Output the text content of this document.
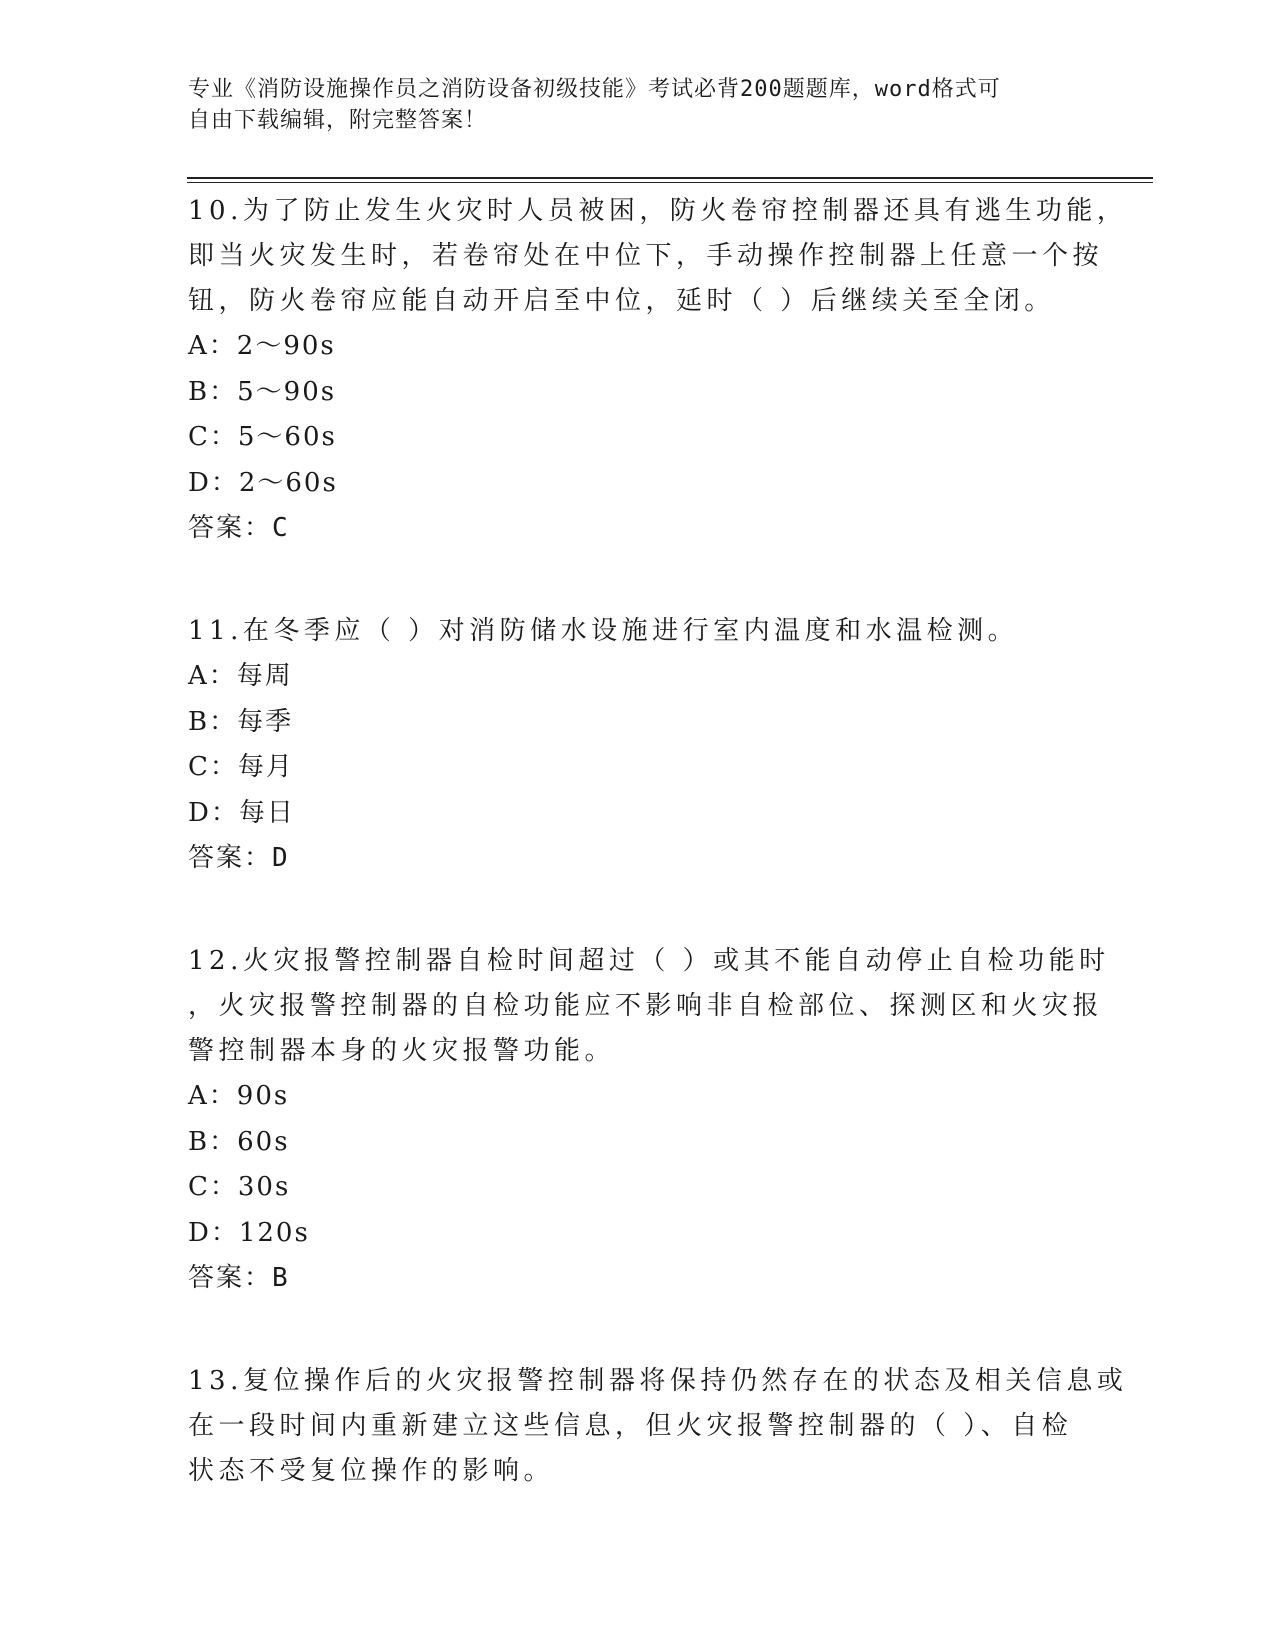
专业《消防设施操作员之消防设备初级技能》考试必背200题题库，word格式可
自由下载编辑，附完整答案！
10.为了防止发生火灾时人员被困，防火卷帘控制器还具有逃生功能，
即当火灾发生时，若卷帘处在中位下，手动操作控制器上任意一个按
钮，防火卷帘应能自动开启至中位，延时（ ）后继续关至全闭。
A：2～90s
B：5～90s
C：5～60s
D：2～60s
答案：C
11.在冬季应（ ）对消防储水设施进行室内温度和水温检测。
A：每周
B：每季
C：每月
D：每日
答案：D
12.火灾报警控制器自检时间超过（ ）或其不能自动停止自检功能时
，火灾报警控制器的自检功能应不影响非自检部位、探测区和火灾报
警控制器本身的火灾报警功能。
A：90s
B：60s
C：30s
D：120s
答案：B
13.复位操作后的火灾报警控制器将保持仍然存在的状态及相关信息或
在一段时间内重新建立这些信息，但火灾报警控制器的（ ）、自检
状态不受复位操作的影响。
